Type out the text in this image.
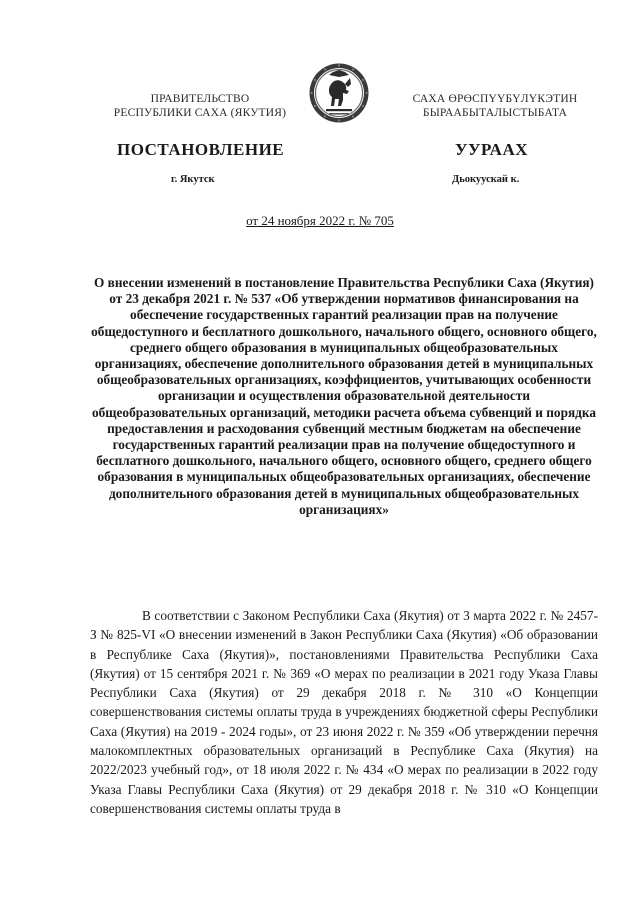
ПРАВИТЕЛЬСТВО
РЕСПУБЛИКИ САХА (ЯКУТИЯ)
САХА ӨРӨСПYYБYЛYКЭТИН
БЫРААБЫТАЛЫСТЫБАТА
ПОСТАНОВЛЕНИЕ	УУРААХ
г. Якутск	Дьокуускай к.
от 24 ноября 2022 г. № 705
О внесении изменений в постановление Правительства Республики Саха (Якутия) от 23 декабря 2021 г. № 537 «Об утверждении нормативов финансирования на обеспечение государственных гарантий реализации прав на получение общедоступного и бесплатного дошкольного, начального общего, основного общего, среднего общего образования в муниципальных общеобразовательных организациях, обеспечение дополнительного образования детей в муниципальных общеобразовательных организациях, коэффициентов, учитывающих особенности организации и осуществления образовательной деятельности общеобразовательных организаций, методики расчета объема субвенций и порядка предоставления и расходования субвенций местным бюджетам на обеспечение государственных гарантий реализации прав на получение общедоступного и бесплатного дошкольного, начального общего, основного общего, среднего общего образования в муниципальных общеобразовательных организациях, обеспечение дополнительного образования детей в муниципальных общеобразовательных организациях»

В соответствии с Законом Республики Саха (Якутия) от 3 марта 2022 г. № 2457-З № 825-VI «О внесении изменений в Закон Республики Саха (Якутия) «Об образовании в Республике Саха (Якутия)», постановлениями Правительства Республики Саха (Якутия) от 15 сентября 2021 г. № 369 «О мерах по реализации в 2021 году Указа Главы Республики Саха (Якутия) от 29 декабря 2018 г. № 310 «О Концепции совершенствования системы оплаты труда в учреждениях бюджетной сферы Республики Саха (Якутия) на 2019 - 2024 годы», от 23 июня 2022 г. № 359 «Об утверждении перечня малокомплектных образовательных организаций в Республике Саха (Якутия) на 2022/2023 учебный год», от 18 июля 2022 г. № 434 «О мерах по реализации в 2022 году Указа Главы Республики Саха (Якутия) от 29 декабря 2018 г. № 310 «О Концепции совершенствования системы оплаты труда в
